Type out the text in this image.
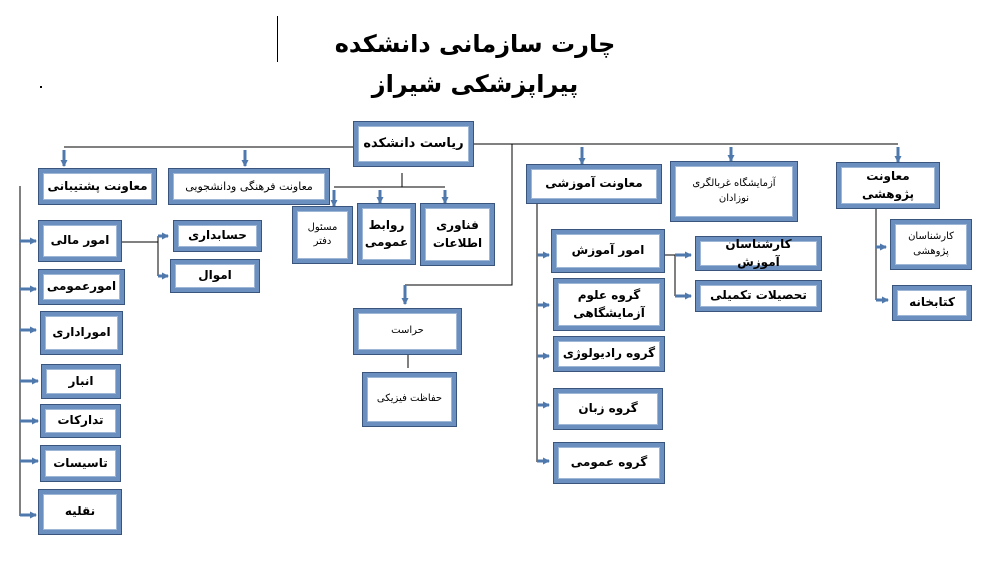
چارت سازمانی دانشکده پیراپزشکی شیراز
ریاست دانشکده
معاونت پشتیبانی	معاونت فرهنگی ودانشجویی	معاونت آموزشی	آزمایشگاه غربالگری نوزادان
معاونت پژوهشی
مسئول دفتر
روابط عمومی
فناوری اطلاعات
امور مالی	حسابداری
اموال
امورعمومی
اموراداری
انبار
تدارکات
تاسیسات
نقلیه
حراست
حفاظت فیزیکی
امور آموزش	کارشناسان آموزش
تحصیلات تکمیلی
گروه علوم آزمایشگاهی
گروه رادیولوژی
گروه زبان
گروه عمومی
کارشناسان پژوهشی
کتابخانه
